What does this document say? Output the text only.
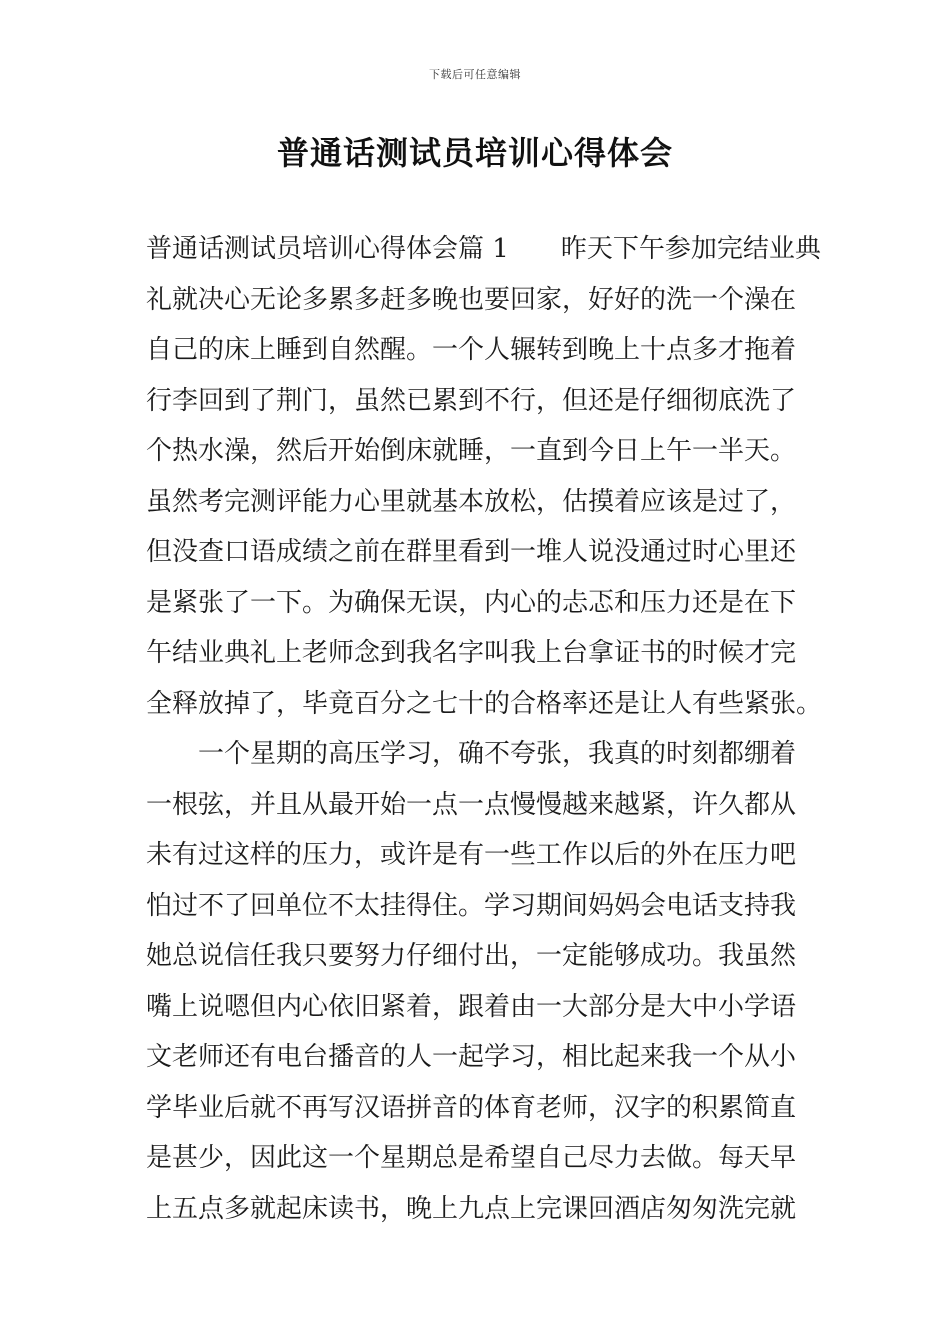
下载后可任意编辑
普通话测试员培训心得体会
普通话测试员培训心得体会篇 1 昨天下午参加完结业典
礼就决心无论多累多赶多晚也要回家，好好的洗一个澡在
自己的床上睡到自然醒。一个人辗转到晚上十点多才拖着
行李回到了荆门，虽然已累到不行，但还是仔细彻底洗了
个热水澡，然后开始倒床就睡，一直到今日上午一半天。
虽然考完测评能力心里就基本放松，估摸着应该是过了，
但没查口语成绩之前在群里看到一堆人说没通过时心里还
是紧张了一下。为确保无误，内心的忐忑和压力还是在下
午结业典礼上老师念到我名字叫我上台拿证书的时候才完
全释放掉了，毕竟百分之七十的合格率还是让人有些紧张。
一个星期的高压学习，确不夸张，我真的时刻都绷着
一根弦，并且从最开始一点一点慢慢越来越紧，许久都从
未有过这样的压力，或许是有一些工作以后的外在压力吧
怕过不了回单位不太挂得住。学习期间妈妈会电话支持我
她总说信任我只要努力仔细付出，一定能够成功。我虽然
嘴上说嗯但内心依旧紧着，跟着由一大部分是大中小学语
文老师还有电台播音的人一起学习，相比起来我一个从小
学毕业后就不再写汉语拼音的体育老师，汉字的积累简直
是甚少，因此这一个星期总是希望自己尽力去做。每天早
上五点多就起床读书，晚上九点上完课回酒店匆匆洗完就
